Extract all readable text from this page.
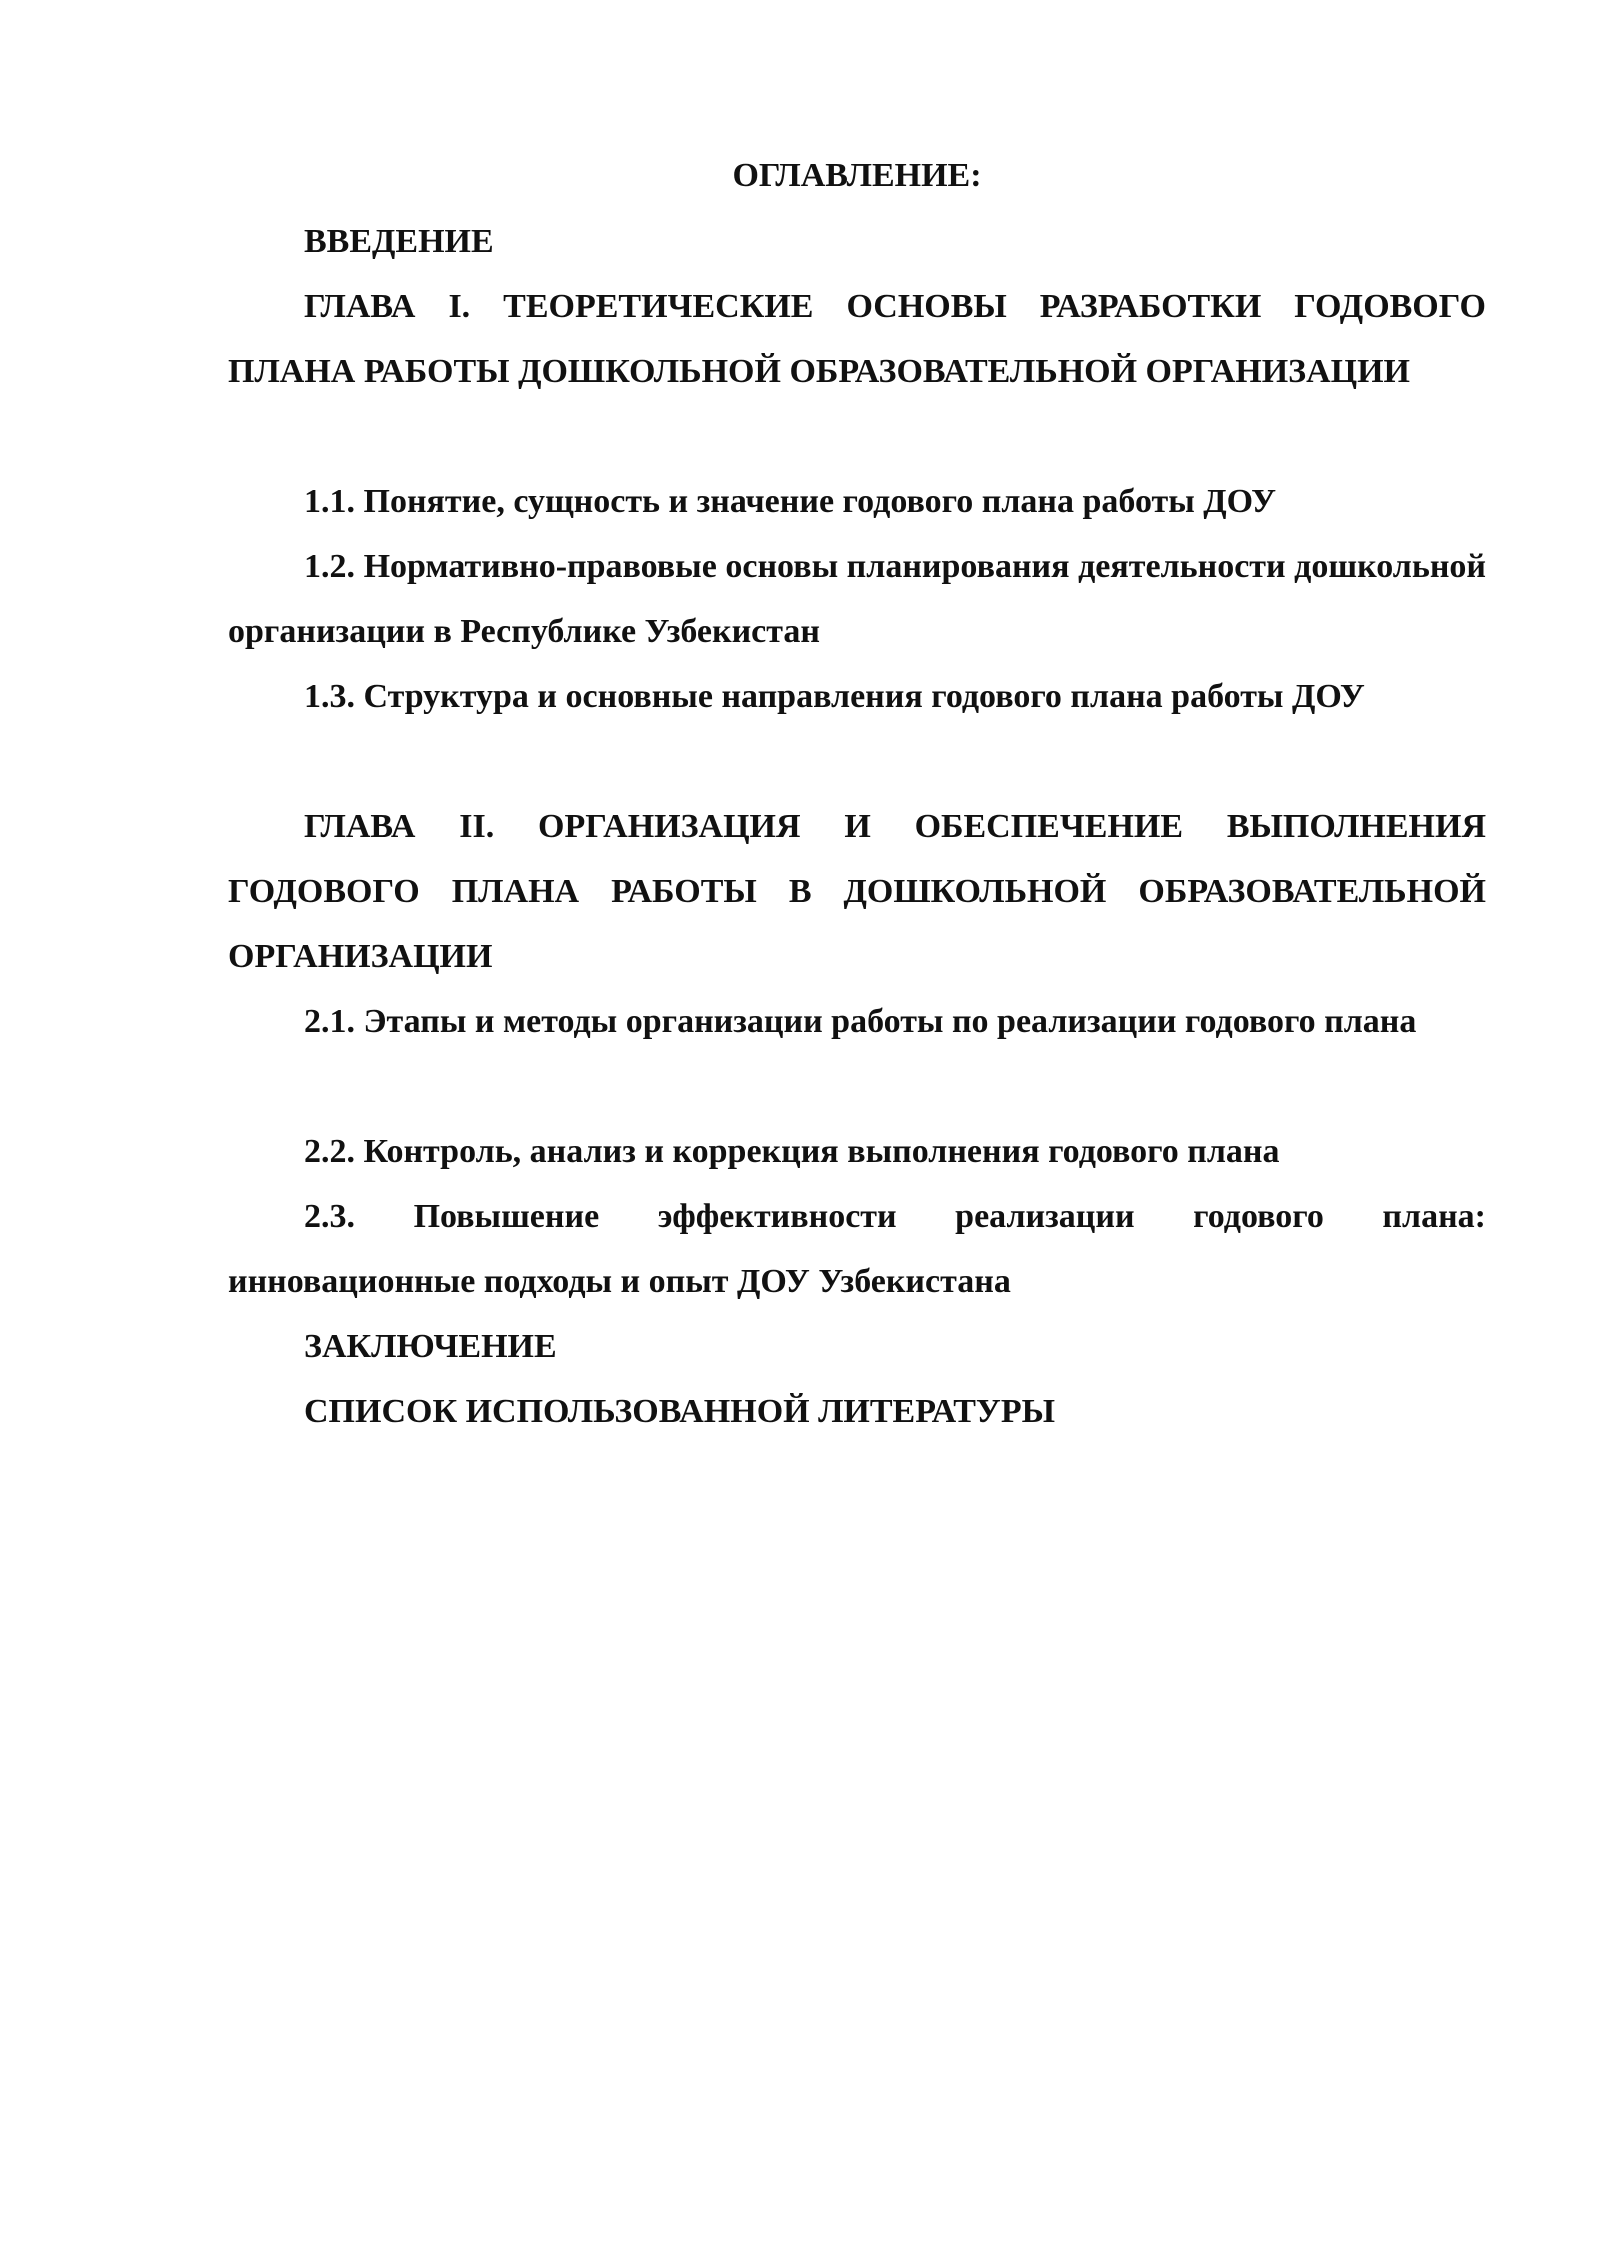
ОГЛАВЛЕНИЕ:
ВВЕДЕНИЕ
ГЛАВА I. ТЕОРЕТИЧЕСКИЕ ОСНОВЫ РАЗРАБОТКИ ГОДОВОГО ПЛАНА РАБОТЫ ДОШКОЛЬНОЙ ОБРАЗОВАТЕЛЬНОЙ ОРГАНИЗАЦИИ
1.1. Понятие, сущность и значение годового плана работы ДОУ
1.2. Нормативно-правовые основы планирования деятельности дошкольной организации в Республике Узбекистан
1.3. Структура и основные направления годового плана работы ДОУ
ГЛАВА II. ОРГАНИЗАЦИЯ И ОБЕСПЕЧЕНИЕ ВЫПОЛНЕНИЯ ГОДОВОГО ПЛАНА РАБОТЫ В ДОШКОЛЬНОЙ ОБРАЗОВАТЕЛЬНОЙ ОРГАНИЗАЦИИ
2.1. Этапы и методы организации работы по реализации годового плана
2.2. Контроль, анализ и коррекция выполнения годового плана
2.3. Повышение эффективности реализации годового плана: инновационные подходы и опыт ДОУ Узбекистана
ЗАКЛЮЧЕНИЕ
СПИСОК ИСПОЛЬЗОВАННОЙ ЛИТЕРАТУРЫ
